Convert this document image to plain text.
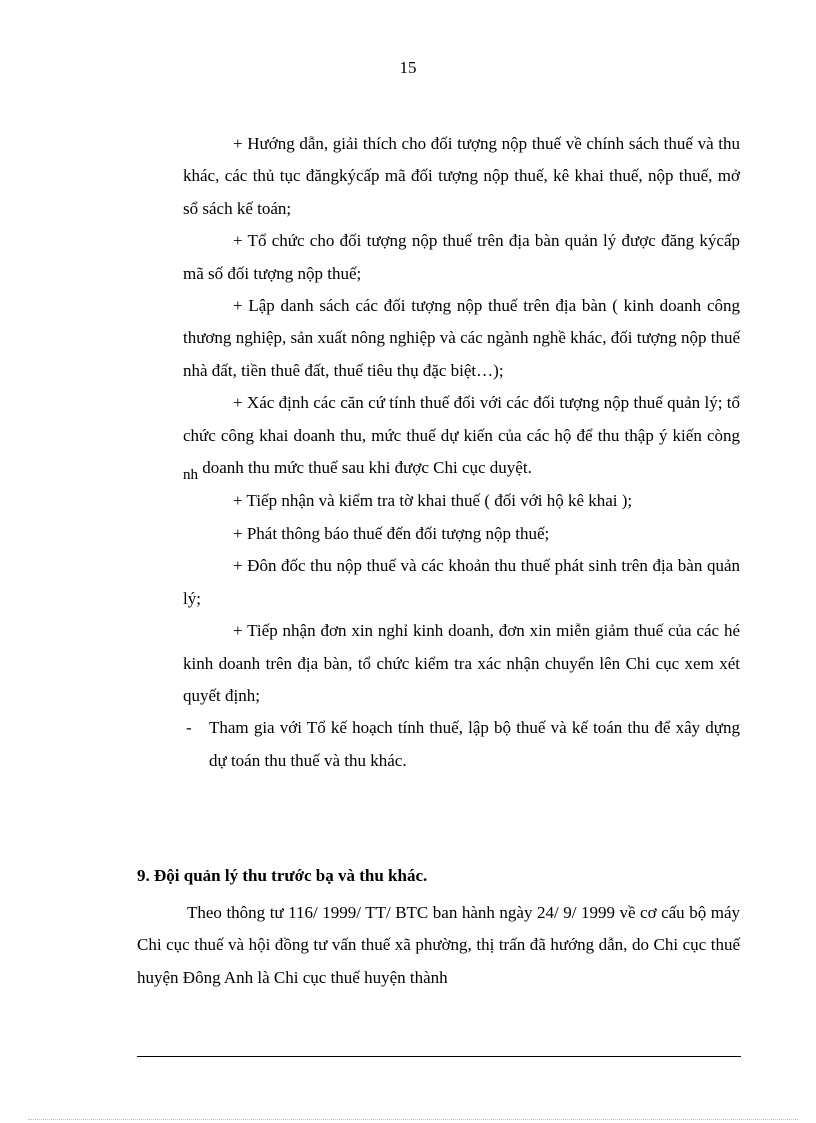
15

+ Hướng dẫn, giải thích cho đối tượng nộp thuế về chính sách thuế và thu khác, các thủ tục đăngkýcấp mã đối tượng nộp thuế, kê khai thuế, nộp thuế, mở sổ sách kế toán;

+ Tổ chức cho đối tượng nộp thuế trên địa bàn quản lý được đăng kýcấp mã số đối tượng nộp thuế;

+ Lập danh sách các đối tượng nộp thuế trên địa bàn ( kinh doanh công thương nghiệp, sản xuất nông nghiệp và các ngành nghề khác, đối tượng nộp thuế nhà đất, tiền thuê đất, thuế tiêu thụ đặc biệt…);

+ Xác định các căn cứ tính thuế đối với các đối tượng nộp thuế quản lý; tổ chức công khai doanh thu, mức thuế dự kiến của các hộ để thu thập ý kiến còng nh doanh thu mức thuế sau khi được Chi cục duyệt.

+ Tiếp nhận và kiểm tra tờ khai thuế ( đối với hộ kê khai );

+ Phát thông báo thuế đến đối tượng nộp thuế;

+ Đôn đốc thu nộp thuế và các khoản thu thuế phát sinh trên địa bàn quản lý;

+ Tiếp nhận đơn xin nghỉ kinh doanh, đơn xin miễn giảm thuế của các hé kinh doanh trên địa bàn, tổ chức kiểm tra xác nhận chuyển lên Chi cục xem xét quyết định;

-	Tham gia với Tổ kế hoạch tính thuế, lập bộ thuế và kế toán thu để xây dựng dự toán thu thuế và thu khác.

9. Đội quản lý thu trước bạ và thu khác.

Theo thông tư 116/ 1999/ TT/ BTC ban hành ngày 24/ 9/ 1999 về cơ cấu bộ máy Chi cục thuế và hội đồng tư vấn thuế xã phường, thị trấn đã hướng dẫn, do Chi cục thuế huyện Đông Anh là Chi cục thuế huyện thành
